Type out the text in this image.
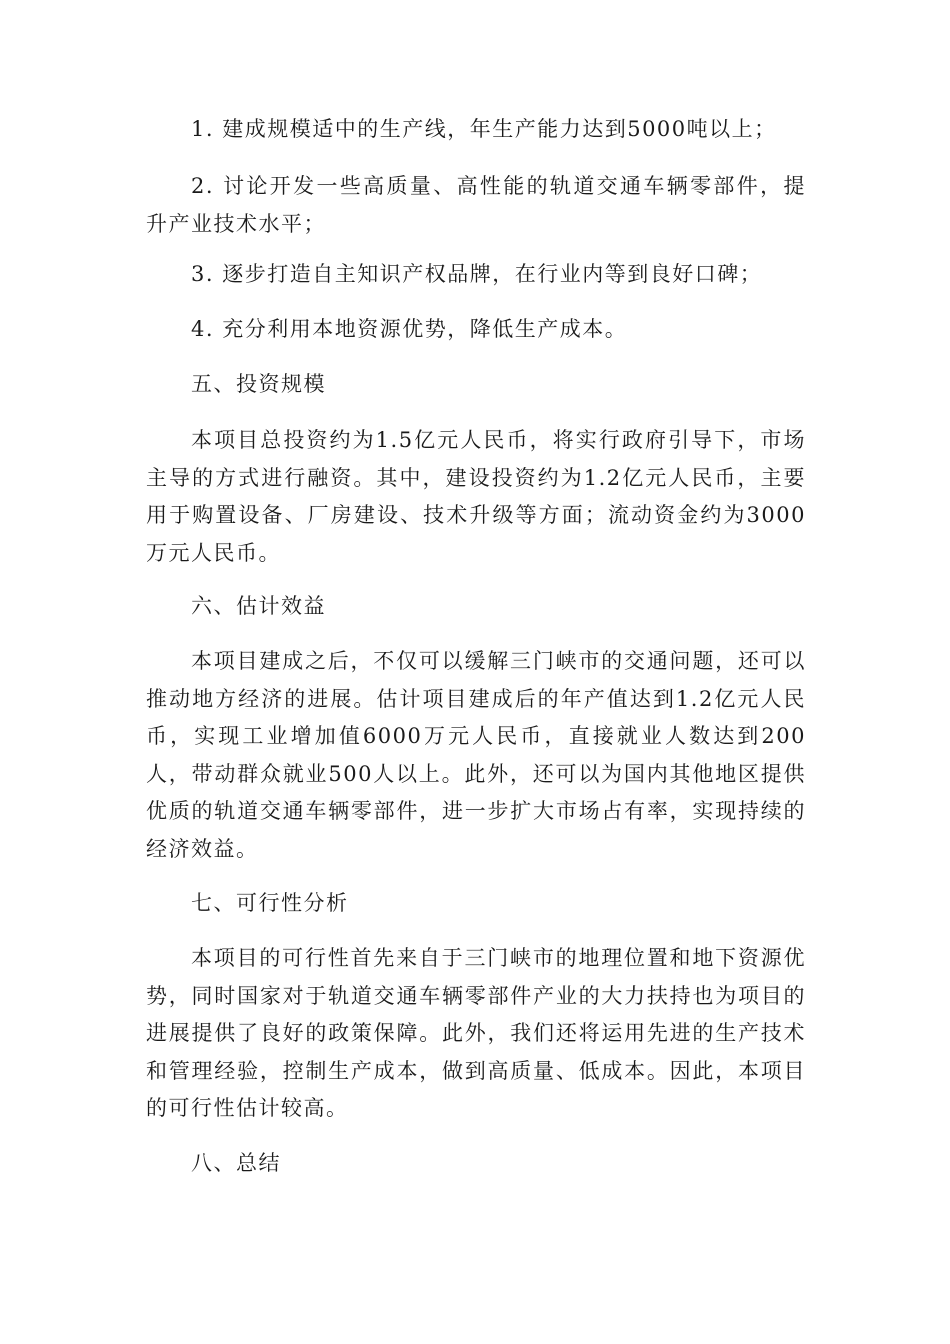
1. 建成规模适中的生产线，年生产能力达到5000吨以上；

2. 讨论开发一些高质量、高性能的轨道交通车辆零部件，提升产业技术水平；

3. 逐步打造自主知识产权品牌，在行业内等到良好口碑；

4. 充分利用本地资源优势，降低生产成本。

五、投资规模

本项目总投资约为1.5亿元人民币，将实行政府引导下，市场主导的方式进行融资。其中，建设投资约为1.2亿元人民币，主要用于购置设备、厂房建设、技术升级等方面；流动资金约为3000万元人民币。

六、估计效益

本项目建成之后，不仅可以缓解三门峡市的交通问题，还可以推动地方经济的进展。估计项目建成后的年产值达到1.2亿元人民币，实现工业增加值6000万元人民币，直接就业人数达到200人，带动群众就业500人以上。此外，还可以为国内其他地区提供优质的轨道交通车辆零部件，进一步扩大市场占有率，实现持续的经济效益。

七、可行性分析

本项目的可行性首先来自于三门峡市的地理位置和地下资源优势，同时国家对于轨道交通车辆零部件产业的大力扶持也为项目的进展提供了良好的政策保障。此外，我们还将运用先进的生产技术和管理经验，控制生产成本，做到高质量、低成本。因此，本项目的可行性估计较高。

八、总结
